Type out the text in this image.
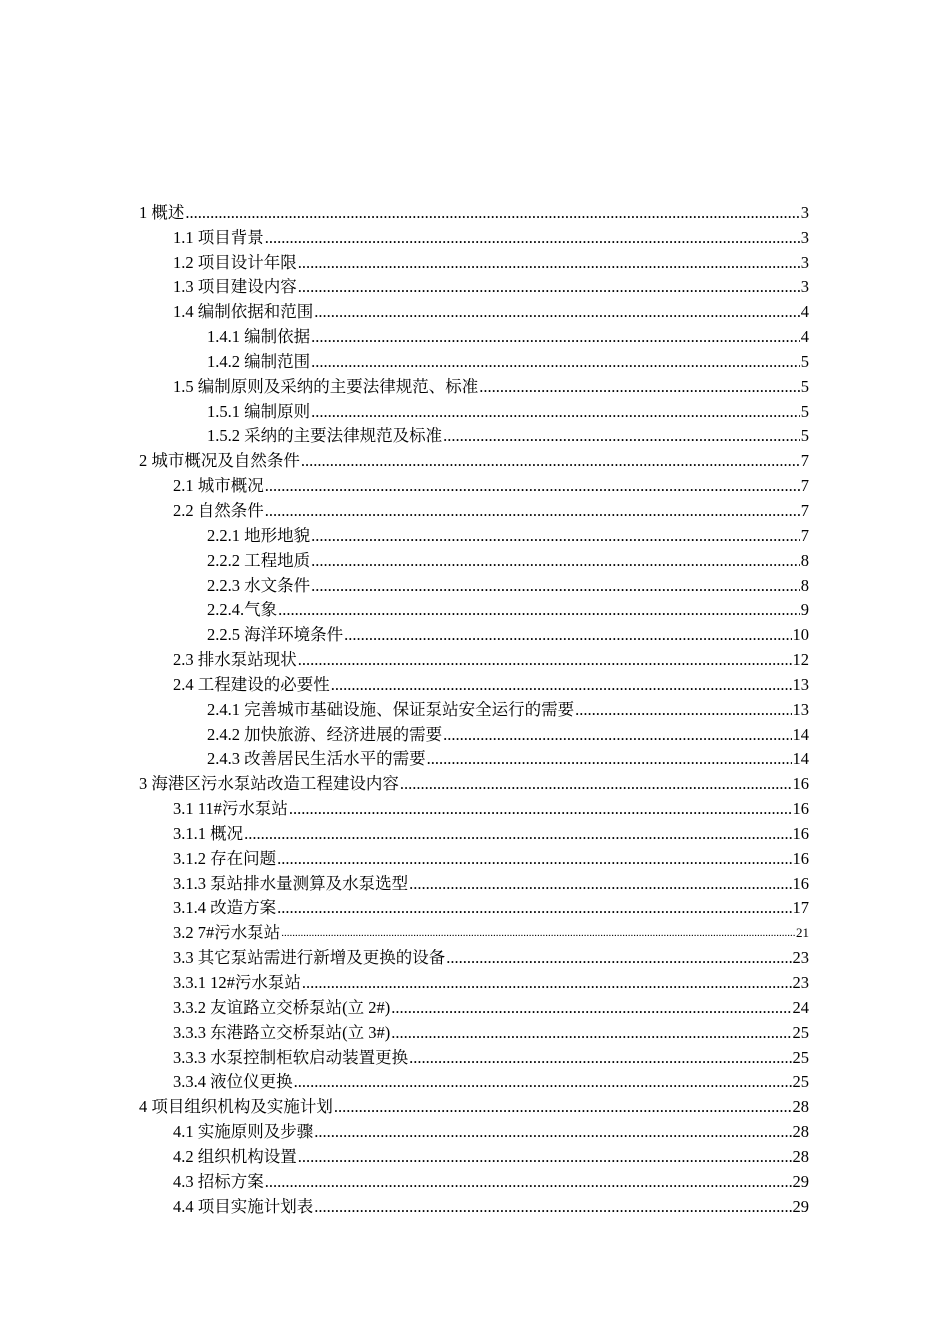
1 概述 .....	3
1.1 项目背景 .....	3
1.2 项目设计年限 .....	3
1.3 项目建设内容 .....	3
1.4 编制依据和范围 .....	4
1.4.1 编制依据 .....	4
1.4.2 编制范围 .....	5
1.5 编制原则及采纳的主要法律规范、标准 .....	5
1.5.1 编制原则 .....	5
1.5.2 采纳的主要法律规范及标准 .....	5
2 城市概况及自然条件 .....	7
2.1 城市概况 .....	7
2.2 自然条件 .....	7
2.2.1 地形地貌 .....	7
2.2.2 工程地质 .....	8
2.2.3 水文条件 .....	8
2.2.4.气象 .....	9
2.2.5 海洋环境条件 .....	10
2.3 排水泵站现状 .....	12
2.4 工程建设的必要性 .....	13
2.4.1 完善城市基础设施、保证泵站安全运行的需要 .....	13
2.4.2 加快旅游、经济进展的需要 .....	14
2.4.3 改善居民生活水平的需要 .....	14
3 海港区污水泵站改造工程建设内容 .....	16
3.1 11#污水泵站 .....	16
3.1.1 概况 .....	16
3.1.2 存在问题 .....	16
3.1.3 泵站排水量测算及水泵选型 .....	16
3.1.4 改造方案 .....	17
3.2 7#污水泵站 .....	21
3.3 其它泵站需进行新增及更换的设备 .....	23
3.3.1 12#污水泵站 .....	23
3.3.2 友谊路立交桥泵站(立 2#) .....	24
3.3.3 东港路立交桥泵站(立 3#) .....	25
3.3.3 水泵控制柜软启动装置更换 .....	25
3.3.4 液位仪更换 .....	25
4 项目组织机构及实施计划 .....	28
4.1 实施原则及步骤 .....	28
4.2 组织机构设置 .....	28
4.3 招标方案 .....	29
4.4 项目实施计划表 .....	29
